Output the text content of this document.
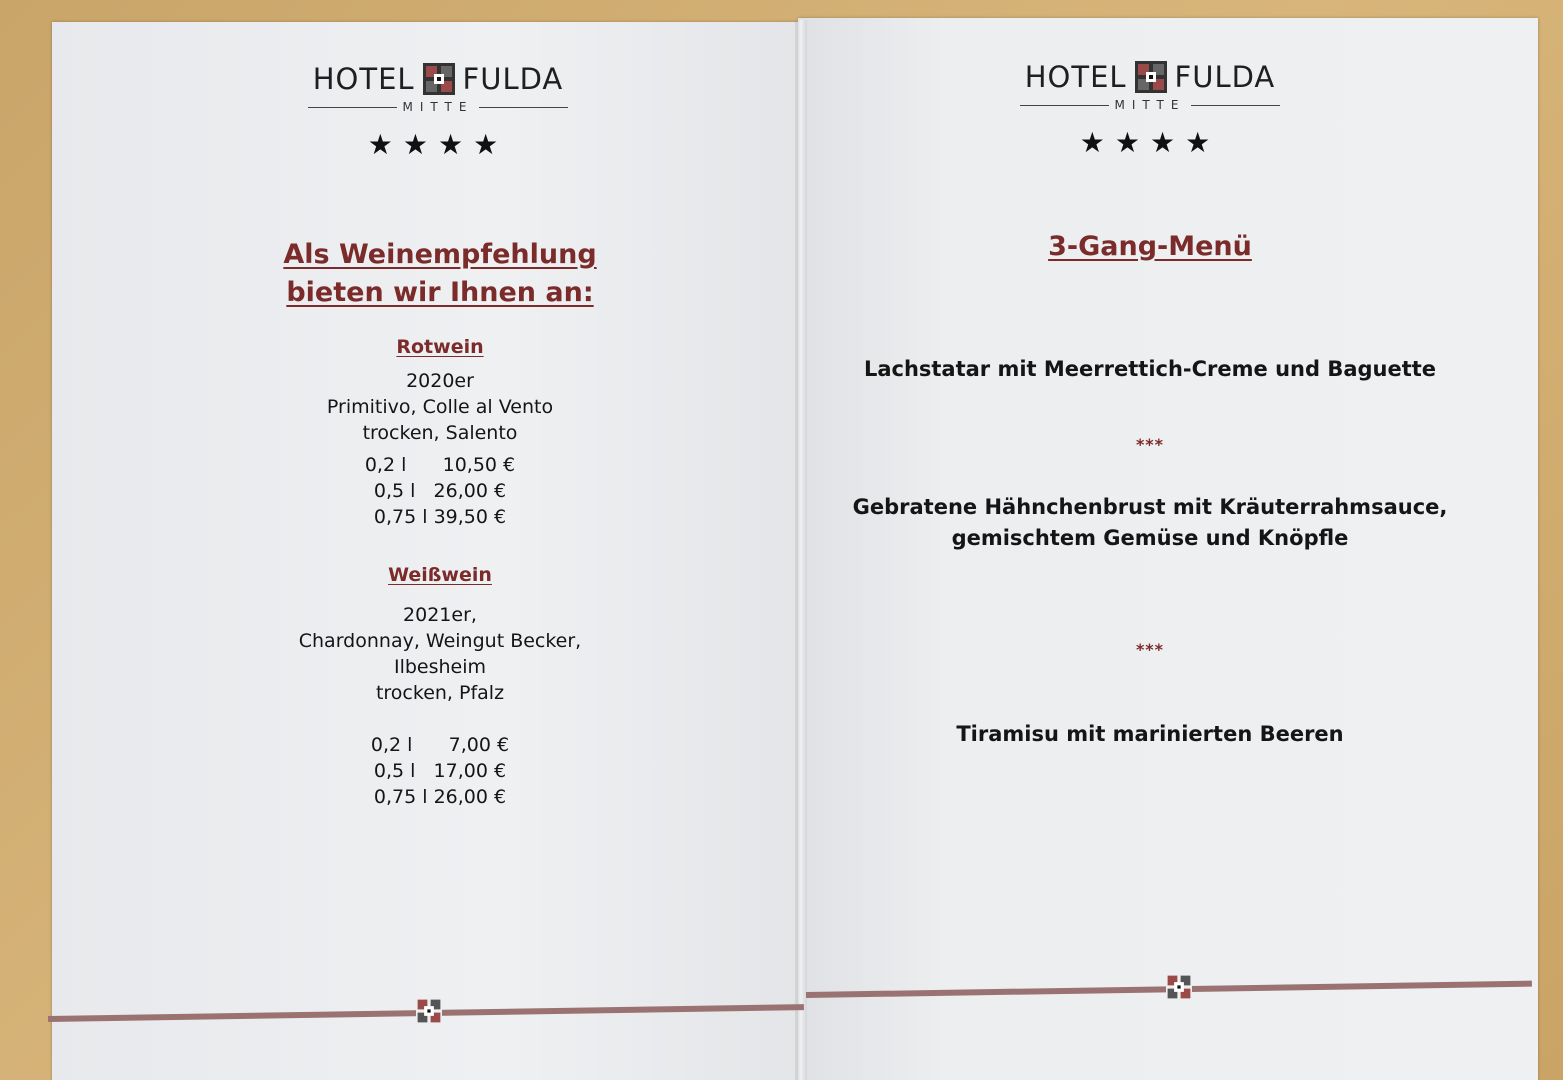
HOTEL FULDA
MITTE
★★★★
HOTEL FULDA
MITTE
★★★★
Als Weinempfehlung
bieten wir Ihnen an:
Rotwein
2020er
Primitivo, Colle al Vento
trocken, Salento
0,2 l      10,50 €
0,5 l   26,00 €
0,75 l 39,50 €
Weißwein
2021er,
Chardonnay, Weingut Becker,
Ilbesheim
trocken, Pfalz
0,2 l      7,00 €
0,5 l   17,00 €
0,75 l 26,00 €
3-Gang-Menü
Lachstatar mit Meerrettich-Creme und Baguette
***
Gebratene Hähnchenbrust mit Kräuterrahmsauce,
gemischtem Gemüse und Knöpfle
***
Tiramisu mit marinierten Beeren
